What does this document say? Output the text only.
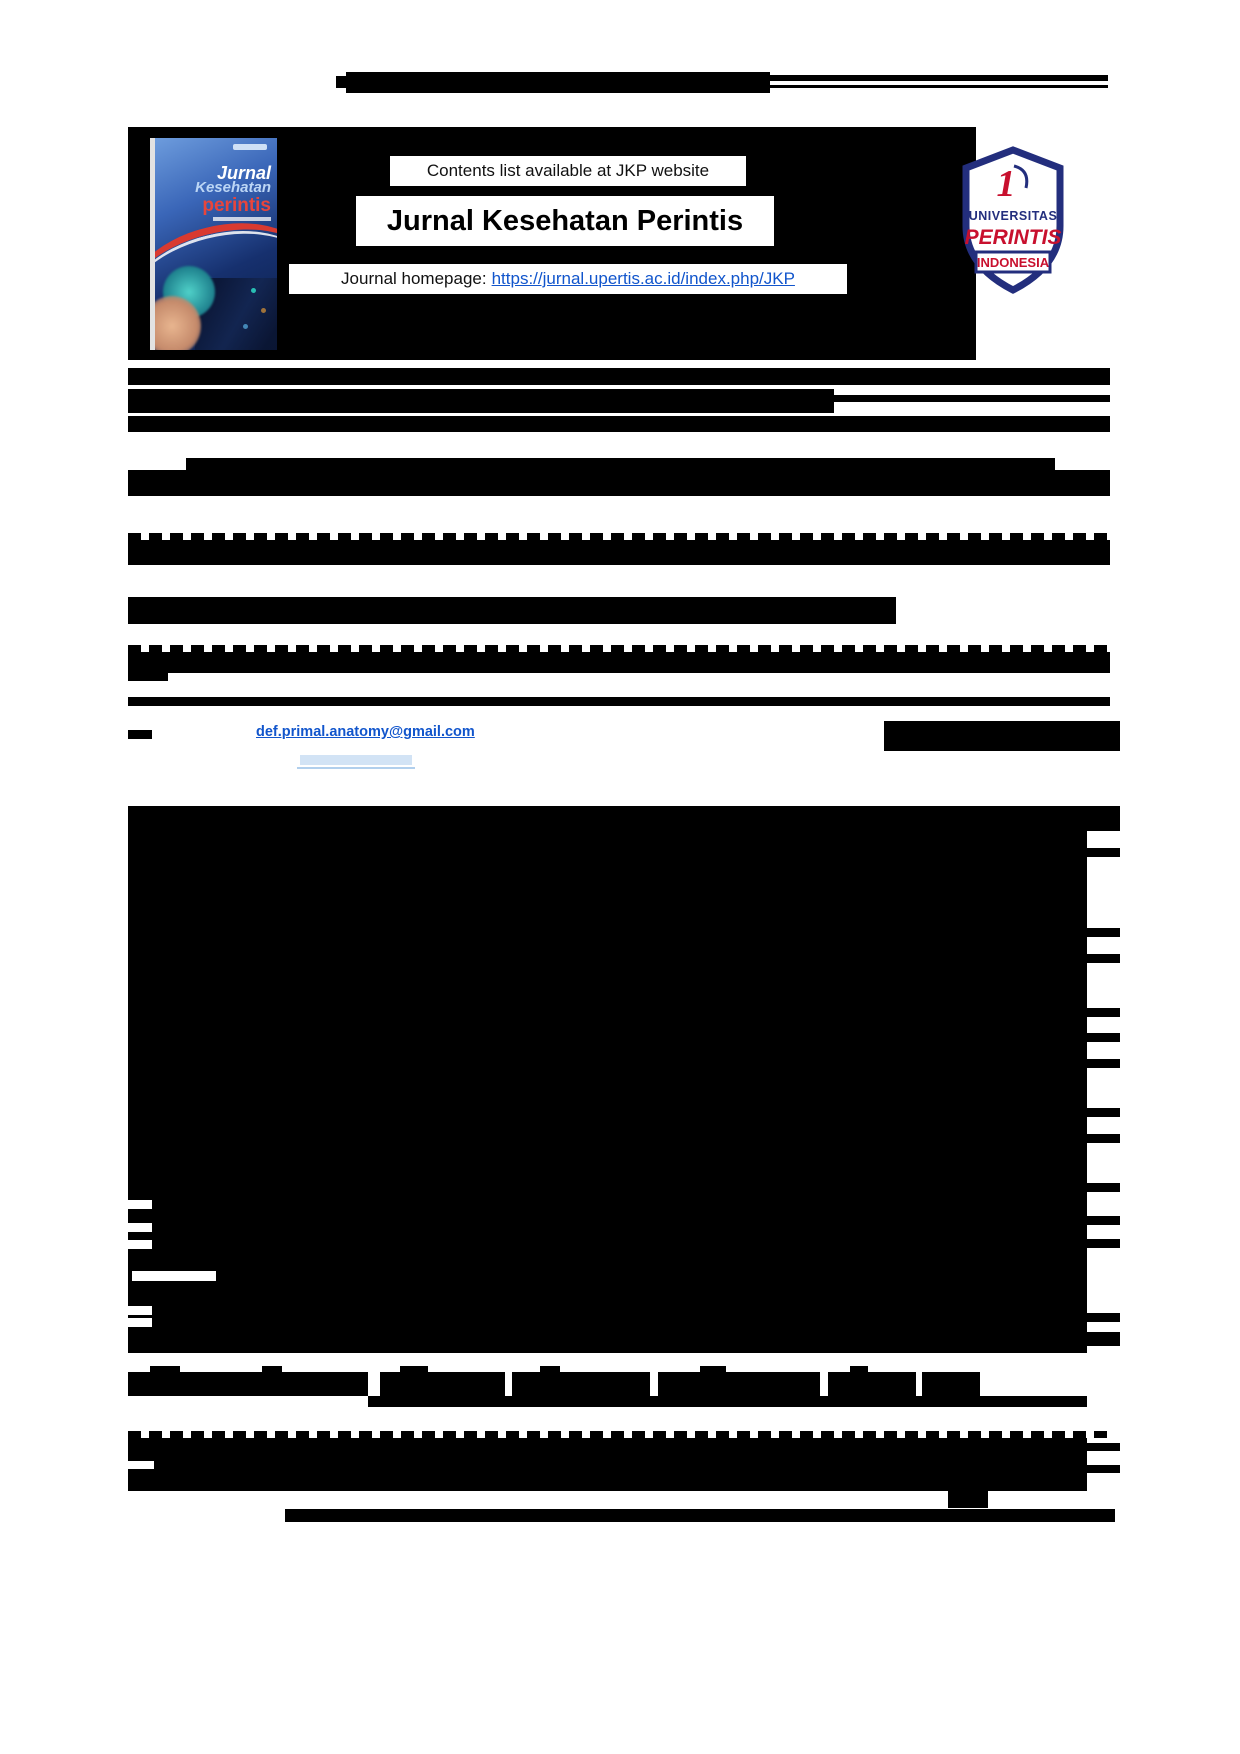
Jurnal
Kesehatan
perintis
Contents list available at JKP website
Jurnal Kesehatan Perintis
Journal homepage: https://jurnal.upertis.ac.id/index.php/JKP
1
UNIVERSITAS
PERINTIS
INDONESIA
def.primal.anatomy@gmail.com
